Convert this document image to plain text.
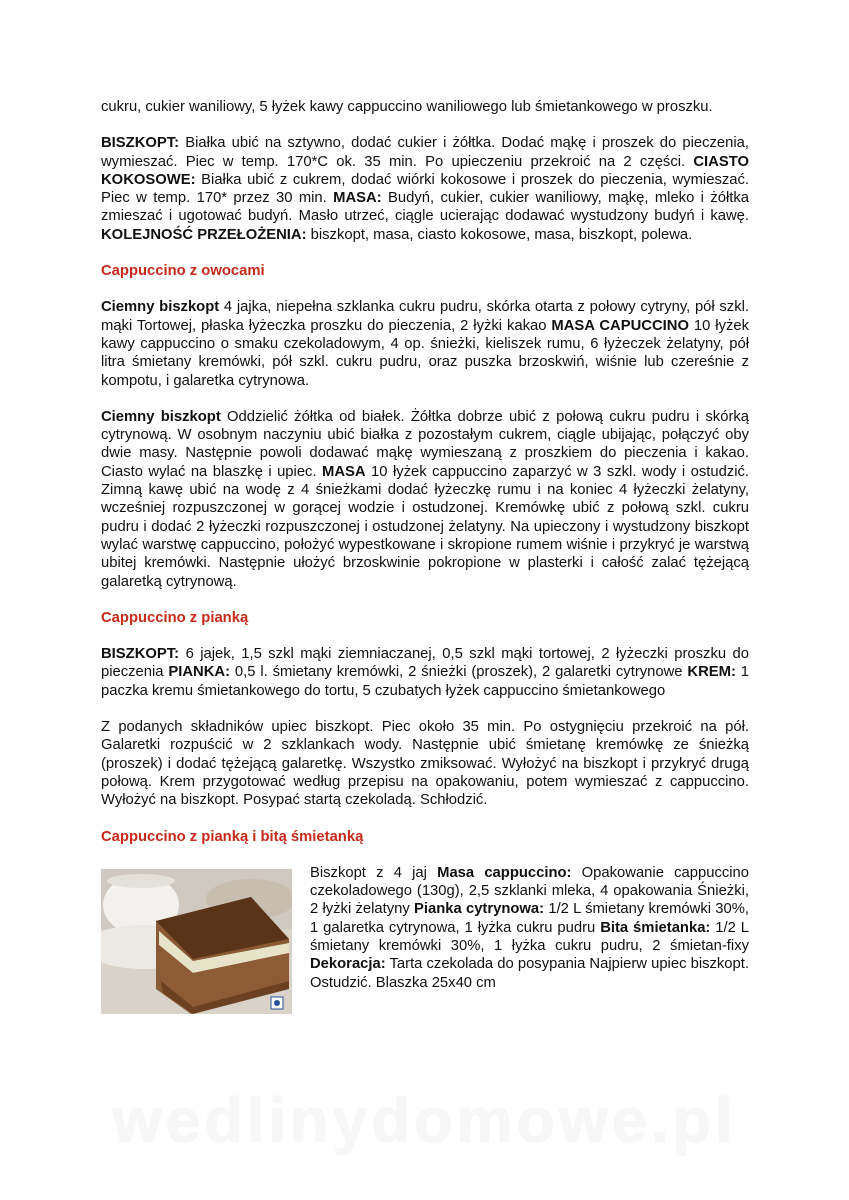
cukru, cukier waniliowy, 5 łyżek kawy cappuccino waniliowego lub śmietankowego w proszku.

BISZKOPT: Białka ubić na sztywno, dodać cukier i żółtka. Dodać mąkę i proszek do pieczenia, wymieszać. Piec w temp. 170*C ok. 35 min. Po upieczeniu przekroić na 2 części. CIASTO KOKOSOWE: Białka ubić z cukrem, dodać wiórki kokosowe i proszek do pieczenia, wymieszać. Piec w temp. 170* przez 30 min. MASA: Budyń, cukier, cukier waniliowy, mąkę, mleko i żółtka zmieszać i ugotować budyń. Masło utrzeć, ciągle ucierając dodawać wystudzony budyń i kawę. KOLEJNOŚĆ PRZEŁOŻENIA: biszkopt, masa, ciasto kokosowe, masa, biszkopt, polewa.

Cappuccino z owocami

Ciemny biszkopt 4 jajka, niepełna szklanka cukru pudru, skórka otarta z połowy cytryny, pół szkl. mąki Tortowej, płaska łyżeczka proszku do pieczenia, 2 łyżki kakao MASA CAPUCCINO 10 łyżek kawy cappuccino o smaku czekoladowym, 4 op. śnieżki, kieliszek rumu, 6 łyżeczek żelatyny, pół litra śmietany kremówki, pół szkl. cukru pudru, oraz puszka brzoskwiń, wiśnie lub czereśnie z kompotu, i galaretka cytrynowa.

Ciemny biszkopt Oddzielić żółtka od białek. Żółtka dobrze ubić z połową cukru pudru i skórką cytrynową. W osobnym naczyniu ubić białka z pozostałym cukrem, ciągle ubijając, połączyć oby dwie masy. Następnie powoli dodawać mąkę wymieszaną z proszkiem do pieczenia i kakao. Ciasto wylać na blaszkę i upiec. MASA 10 łyżek cappuccino zaparzyć w 3 szkl. wody i ostudzić. Zimną kawę ubić na wodę z 4 śnieżkami dodać łyżeczkę rumu i na koniec 4 łyżeczki żelatyny, wcześniej rozpuszczonej w gorącej wodzie i ostudzonej. Kremówkę ubić z połową szkl. cukru pudru i dodać 2 łyżeczki rozpuszczonej i ostudzonej żelatyny. Na upieczony i wystudzony biszkopt wylać warstwę cappuccino, położyć wypestkowane i skropione rumem wiśnie i przykryć je warstwą ubitej kremówki. Następnie ułożyć brzoskwinie pokropione w plasterki i całość zalać tężejącą galaretką cytrynową.

Cappuccino z pianką

BISZKOPT: 6 jajek, 1,5 szkl mąki ziemniaczanej, 0,5 szkl mąki tortowej, 2 łyżeczki proszku do pieczenia PIANKA: 0,5 l. śmietany kremówki, 2 śnieżki (proszek), 2 galaretki cytrynowe KREM: 1 paczka kremu śmietankowego do tortu, 5 czubatych łyżek cappuccino śmietankowego

Z podanych składników upiec biszkopt. Piec około 35 min. Po ostygnięciu przekroić na pół. Galaretki rozpuścić w 2 szklankach wody. Następnie ubić śmietanę kremówkę ze śnieżką (proszek) i dodać tężejącą galaretkę. Wszystko zmiksować. Wyłożyć na biszkopt i przykryć drugą połową. Krem przygotować według przepisu na opakowaniu, potem wymieszać z cappuccino. Wyłożyć na biszkopt. Posypać startą czekoladą. Schłodzić.

Cappuccino z pianką i bitą śmietanką

Biszkopt z 4 jaj Masa cappuccino: Opakowanie cappuccino czekoladowego (130g), 2,5 szklanki mleka, 4 opakowania Śnieżki, 2 łyżki żelatyny Pianka cytrynowa: 1/2 L śmietany kremówki 30%, 1 galaretka cytrynowa, 1 łyżka cukru pudru Bita śmietanka: 1/2 L śmietany kremówki 30%, 1 łyżka cukru pudru, 2 śmietan-fixy Dekoracja: Tarta czekolada do posypania Najpierw upiec biszkopt. Ostudzić. Blaszka 25x40 cm

wedlinydomowe.pl
